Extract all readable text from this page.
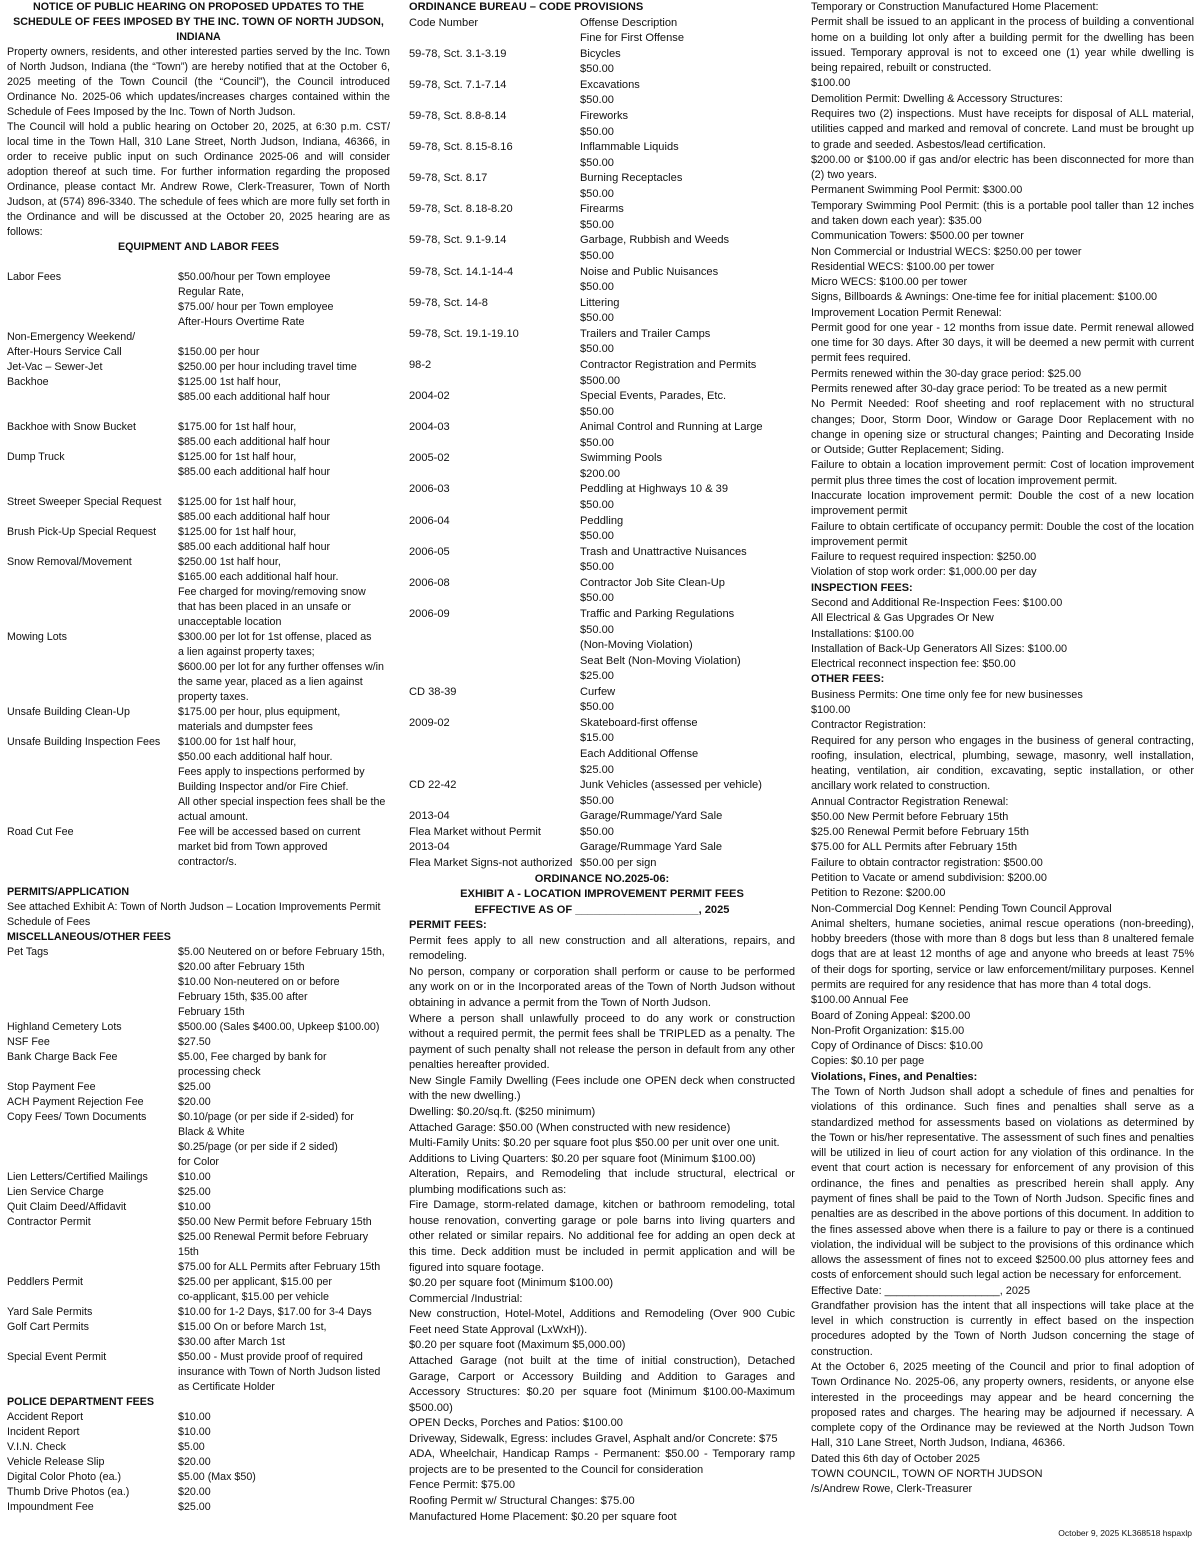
NOTICE OF PUBLIC HEARING ON PROPOSED UPDATES TO THE SCHEDULE OF FEES IMPOSED BY THE INC. TOWN OF NORTH JUDSON, INDIANA
Property owners, residents, and other interested parties served by the Inc. Town of North Judson, Indiana (the “Town”) are hereby notified that at the October 6, 2025 meeting of the Town Council (the “Council”), the Council introduced Ordinance No. 2025-06 which updates/increases charges contained within the Schedule of Fees Imposed by the Inc. Town of North Judson.
The Council will hold a public hearing on October 20, 2025, at 6:30 p.m. CST/ local time in the Town Hall, 310 Lane Street, North Judson, Indiana, 46366, in order to receive public input on such Ordinance 2025-06 and will consider adoption thereof at such time. For further information regarding the proposed Ordinance, please contact Mr. Andrew Rowe, Clerk-Treasurer, Town of North Judson, at (574) 896-3340. The schedule of fees which are more fully set forth in the Ordinance and will be discussed at the October 20, 2025 hearing are as follows:
EQUIPMENT AND LABOR FEES
Labor Fees	$50.00/hour per Town employee
Regular Rate,
$75.00/ hour per Town employee
After-Hours Overtime Rate
Non-Emergency Weekend/
After-Hours Service Call	$150.00 per hour
Jet-Vac – Sewer-Jet	$250.00 per hour including travel time
Backhoe	$125.00 1st half hour,
$85.00 each additional half hour
Backhoe with Snow Bucket	$175.00 for 1st half hour,
$85.00 each additional half hour
Dump Truck	$125.00 for 1st half hour,
$85.00 each additional half hour
Street Sweeper Special Request	$125.00 for 1st half hour,
$85.00 each additional half hour
Brush Pick-Up Special Request	$125.00 for 1st half hour,
$85.00 each additional half hour
Snow Removal/Movement	$250.00 1st half hour,
$165.00 each additional half hour.
Fee charged for moving/removing snow
that has been placed in an unsafe or
unacceptable location
Mowing Lots	$300.00 per lot for 1st offense, placed as
a lien against property taxes;
$600.00 per lot for any further offenses w/in
the same year, placed as a lien against
property taxes.
Unsafe Building Clean-Up	$175.00 per hour, plus equipment,
materials and dumpster fees
Unsafe Building Inspection Fees	$100.00 for 1st half hour,
$50.00 each additional half hour.
Fees apply to inspections performed by
Building Inspector and/or Fire Chief.
All other special inspection fees shall be the
actual amount.
Road Cut Fee	Fee will be accessed based on current
market bid from Town approved
contractor/s.
PERMITS/APPLICATION
See attached Exhibit A: Town of North Judson – Location Improvements Permit Schedule of Fees
MISCELLANEOUS/OTHER FEES
Pet Tags	$5.00 Neutered on or before February 15th,
$20.00 after February 15th
$10.00 Non-neutered on or before
February 15th, $35.00 after
February 15th
Highland Cemetery Lots	$500.00 (Sales $400.00, Upkeep $100.00)
NSF Fee	$27.50
Bank Charge Back Fee	$5.00, Fee charged by bank for
processing check
Stop Payment Fee	$25.00
ACH Payment Rejection Fee	$20.00
Copy Fees/ Town Documents	$0.10/page (or per side if 2-sided) for
Black & White
$0.25/page (or per side if 2 sided)
for Color
Lien Letters/Certified Mailings	$10.00
Lien Service Charge	$25.00
Quit Claim Deed/Affidavit	$10.00
Contractor Permit	$50.00 New Permit before February 15th
$25.00 Renewal Permit before February 15th
$75.00 for ALL Permits after February 15th
Peddlers Permit	$25.00 per applicant, $15.00 per
co-applicant, $15.00 per vehicle
Yard Sale Permits	$10.00 for 1-2 Days, $17.00 for 3-4 Days
Golf Cart Permits	$15.00 On or before March 1st,
$30.00 after March 1st
Special Event Permit	$50.00 - Must provide proof of required
insurance with Town of North Judson listed
as Certificate Holder
POLICE DEPARTMENT FEES
Accident Report	$10.00
Incident Report	$10.00
V.I.N. Check	$5.00
Vehicle Release Slip	$20.00
Digital Color Photo (ea.)	$5.00 (Max $50)
Thumb Drive Photos (ea.)	$20.00
Impoundment Fee	$25.00
ORDINANCE BUREAU – CODE PROVISIONS
Code Number	Offense Description
Fine for First Offense
59-78, Sct. 3.1-3.19	Bicycles
$50.00
59-78, Sct. 7.1-7.14	Excavations
$50.00
59-78, Sct. 8.8-8.14	Fireworks
$50.00
59-78, Sct. 8.15-8.16	Inflammable Liquids
$50.00
59-78, Sct. 8.17	Burning Receptacles
$50.00
59-78, Sct. 8.18-8.20	Firearms
$50.00
59-78, Sct. 9.1-9.14	Garbage, Rubbish and Weeds
$50.00
59-78, Sct. 14.1-14-4	Noise and Public Nuisances
$50.00
59-78, Sct. 14-8	Littering
$50.00
59-78, Sct. 19.1-19.10	Trailers and Trailer Camps
$50.00
98-2	Contractor Registration and Permits
$500.00
2004-02	Special Events, Parades, Etc.
$50.00
2004-03	Animal Control and Running at Large
$50.00
2005-02	Swimming Pools
$200.00
2006-03	Peddling at Highways 10 & 39
$50.00
2006-04	Peddling
$50.00
2006-05	Trash and Unattractive Nuisances
$50.00
2006-08	Contractor Job Site Clean-Up
$50.00
2006-09	Traffic and Parking Regulations
$50.00
(Non-Moving Violation)
Seat Belt (Non-Moving Violation)
$25.00
CD 38-39	Curfew
$50.00
2009-02	Skateboard-first offense
$15.00
Each Additional Offense
$25.00
CD 22-42	Junk Vehicles (assessed per vehicle)
$50.00
2013-04	Garage/Rummage/Yard Sale
Flea Market without Permit	$50.00
2013-04	Garage/Rummage Yard Sale
Flea Market Signs-not authorized $50.00 per sign
ORDINANCE NO.2025-06:
EXHIBIT A - LOCATION IMPROVEMENT PERMIT FEES
EFFECTIVE AS OF ____________________, 2025
PERMIT FEES:
Permit fees apply to all new construction and all alterations, repairs, and remodeling.
No person, company or corporation shall perform or cause to be performed any work on or in the Incorporated areas of the Town of North Judson without obtaining in advance a permit from the Town of North Judson.
Where a person shall unlawfully proceed to do any work or construction without a required permit, the permit fees shall be TRIPLED as a penalty. The payment of such penalty shall not release the person in default from any other penalties hereafter provided.
New Single Family Dwelling (Fees include one OPEN deck when constructed with the new dwelling.)
Dwelling: $0.20/sq.ft. ($250 minimum)
Attached Garage: $50.00 (When constructed with new residence)
Multi-Family Units: $0.20 per square foot plus $50.00 per unit over one unit.
Additions to Living Quarters: $0.20 per square foot (Minimum $100.00)
Alteration, Repairs, and Remodeling that include structural, electrical or plumbing modifications such as:
Fire Damage, storm-related damage, kitchen or bathroom remodeling, total house renovation, converting garage or pole barns into living quarters and other related or similar repairs. No additional fee for adding an open deck at this time. Deck addition must be included in permit application and will be figured into square footage.
$0.20 per square foot (Minimum $100.00)
Commercial /Industrial:
New construction, Hotel-Motel, Additions and Remodeling (Over 900 Cubic Feet need State Approval (LxWxH)).
$0.20 per square foot (Maximum $5,000.00)
Attached Garage (not built at the time of initial construction), Detached Garage, Carport or Accessory Building and Addition to Garages and Accessory Structures: $0.20 per square foot (Minimum $100.00-Maximum $500.00)
OPEN Decks, Porches and Patios: $100.00
Driveway, Sidewalk, Egress: includes Gravel, Asphalt and/or Concrete: $75
ADA, Wheelchair, Handicap Ramps - Permanent: $50.00 - Temporary ramp projects are to be presented to the Council for consideration
Fence Permit: $75.00
Roofing Permit w/ Structural Changes: $75.00
Manufactured Home Placement: $0.20 per square foot
Temporary or Construction Manufactured Home Placement:
Permit shall be issued to an applicant in the process of building a conventional home on a building lot only after a building permit for the dwelling has been issued. Temporary approval is not to exceed one (1) year while dwelling is being repaired, rebuilt or constructed.
$100.00
Demolition Permit: Dwelling & Accessory Structures:
Requires two (2) inspections. Must have receipts for disposal of ALL material, utilities capped and marked and removal of concrete. Land must be brought up to grade and seeded. Asbestos/lead certification.
$200.00 or $100.00 if gas and/or electric has been disconnected for more than (2) two years.
Permanent Swimming Pool Permit: $300.00
Temporary Swimming Pool Permit: (this is a portable pool taller than 12 inches and taken down each year): $35.00
Communication Towers: $500.00 per towner
Non Commercial or Industrial WECS: $250.00 per tower
Residential WECS: $100.00 per tower
Micro WECS: $100.00 per tower
Signs, Billboards & Awnings: One-time fee for initial placement: $100.00
Improvement Location Permit Renewal:
Permit good for one year - 12 months from issue date. Permit renewal allowed one time for 30 days. After 30 days, it will be deemed a new permit with current permit fees required.
Permits renewed within the 30-day grace period: $25.00
Permits renewed after 30-day grace period: To be treated as a new permit
No Permit Needed: Roof sheeting and roof replacement with no structural changes; Door, Storm Door, Window or Garage Door Replacement with no change in opening size or structural changes; Painting and Decorating Inside or Outside; Gutter Replacement; Siding.
Failure to obtain a location improvement permit: Cost of location improvement permit plus three times the cost of location improvement permit.
Inaccurate location improvement permit: Double the cost of a new location improvement permit
Failure to obtain certificate of occupancy permit: Double the cost of the location improvement permit
Failure to request required inspection: $250.00
Violation of stop work order: $1,000.00 per day
INSPECTION FEES:
Second and Additional Re-Inspection Fees: $100.00
All Electrical & Gas Upgrades Or New
Installations: $100.00
Installation of Back-Up Generators All Sizes: $100.00
Electrical reconnect inspection fee: $50.00
OTHER FEES:
Business Permits: One time only fee for new businesses
$100.00
Contractor Registration:
Required for any person who engages in the business of general contracting, roofing, insulation, electrical, plumbing, sewage, masonry, well installation, heating, ventilation, air condition, excavating, septic installation, or other ancillary work related to construction.
Annual Contractor Registration Renewal:
$50.00 New Permit before February 15th
$25.00 Renewal Permit before February 15th
$75.00 for ALL Permits after February 15th
Failure to obtain contractor registration: $500.00
Petition to Vacate or amend subdivision: $200.00
Petition to Rezone: $200.00
Non-Commercial Dog Kennel: Pending Town Council Approval
Animal shelters, humane societies, animal rescue operations (non-breeding), hobby breeders (those with more than 8 dogs but less than 8 unaltered female dogs that are at least 12 months of age and anyone who breeds at least 75% of their dogs for sporting, service or law enforcement/military purposes. Kennel permits are required for any residence that has more than 4 total dogs.
$100.00 Annual Fee
Board of Zoning Appeal: $200.00
Non-Profit Organization: $15.00
Copy of Ordinance of Discs: $10.00
Copies: $0.10 per page
Violations, Fines, and Penalties:
The Town of North Judson shall adopt a schedule of fines and penalties for violations of this ordinance. Such fines and penalties shall serve as a standardized method for assessments based on violations as determined by the Town or his/her representative. The assessment of such fines and penalties will be utilized in lieu of court action for any violation of this ordinance. In the event that court action is necessary for enforcement of any provision of this ordinance, the fines and penalties as prescribed herein shall apply. Any payment of fines shall be paid to the Town of North Judson. Specific fines and penalties are as described in the above portions of this document. In addition to the fines assessed above when there is a failure to pay or there is a continued violation, the individual will be subject to the provisions of this ordinance which allows the assessment of fines not to exceed $2500.00 plus attorney fees and costs of enforcement should such legal action be necessary for enforcement.
Effective Date: ___________________, 2025
Grandfather provision has the intent that all inspections will take place at the level in which construction is currently in effect based on the inspection procedures adopted by the Town of North Judson concerning the stage of construction.
At the October 6, 2025 meeting of the Council and prior to final adoption of Town Ordinance No. 2025-06, any property owners, residents, or anyone else interested in the proceedings may appear and be heard concerning the proposed rates and charges. The hearing may be adjourned if necessary. A complete copy of the Ordinance may be reviewed at the North Judson Town Hall, 310 Lane Street, North Judson, Indiana, 46366.
Dated this 6th day of October 2025
TOWN COUNCIL, TOWN OF NORTH JUDSON
/s/Andrew Rowe, Clerk-Treasurer
October 9, 2025 KL368518 hspaxlp
